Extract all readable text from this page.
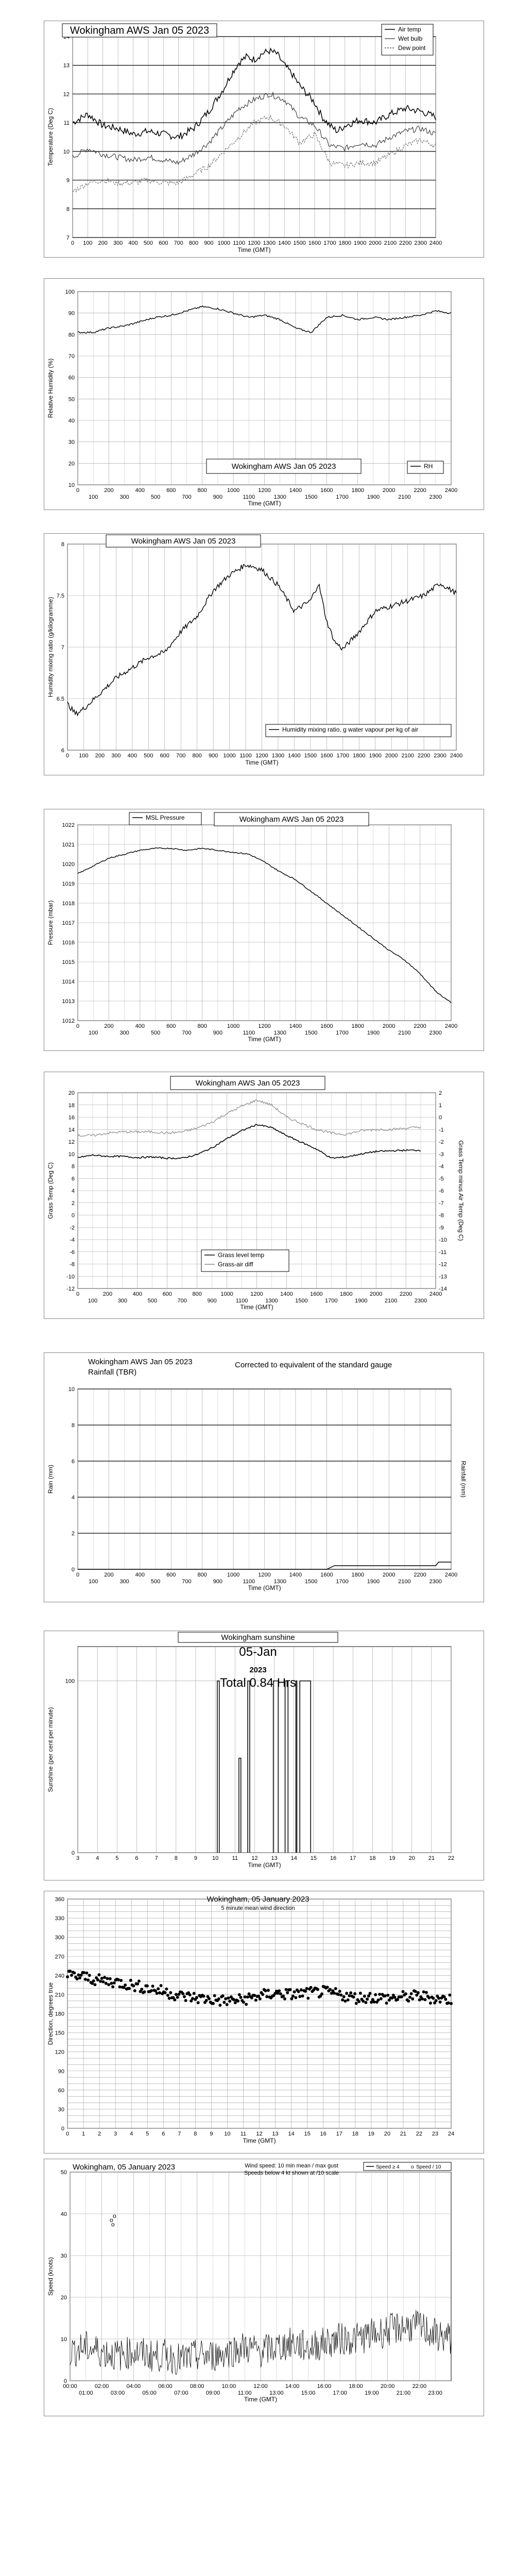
0 100 200 300 400 500 600 700 800 900 1000 1100 1200 1300 1400 1500 1600 1700 1800 1900 2000 2100 2200 2300 2400
7
8
9
10
11
12
13
Time (GMT)
Temperature (Deg C)
Wokingham AWS Jan 05 2023	Air temp
Wet bulb
Dew point
0	200	400	600	800	1000	1200	1400	1600	1800	2000	2200	2400
100	300	500	700	900	1100	1300	1500	1700	1900	2100	2300
10
20
30
40
50
60
70
80
90
100
Time (GMT)
Relative Humidity (%)
Wokingham AWS Jan 05 2023	RH
0 100 200 300 400 500 600 700 800 900 1000 1100 1200 1300 1400 1500 1600 1700 1800 1900 2000 2100 2200 2300 2400
6
6.5
7
7.5
8
Time (GMT)
Humidity mixing ratio (g/kilogramme)
Wokingham AWS Jan 05 2023
Humidity mixing ratio, g water vapour per kg of air
0	200	400	600	800	1000	1200	1400	1600	1800	2000	2200	2400
100	300	500	700	900	1100	1300	1500	1700	1900	2100	2300
1012
1013
1014
1015
1016
1017
1018
1019
1020
1021
1022
Time (GMT)
Pressure (mbar)
Wokingham AWS Jan 05 2023
MSL Pressure
0	200	400	600	800	1000	1200	1400	1600	1800	2000	2200	2400
100	300	500	700	900	1100	1300	1500	1700	1900	2100	2300
-12
-10
-8
-6
-4
-2
0
2
4
6
8
10
12
14
16
18
20
-14
-13
-12
-11
-10
-9
-8
-7
-6
-5
-4
-3
-2
-1
0
1
2
Time (GMT)
Grass Temp (Deg C)	Grass Temp minus Air Temp (Deg C)
Wokingham AWS Jan 05 2023
Grass level temp
Grass-air diff
0	200	400	600	800	1000	1200	1400	1600	1800	2000	2200	2400
100	300	500	700	900	1100	1300	1500	1700	1900	2100	2300
0
2
4
6
8
10
Time (GMT)
Rain (mm)	Rainfall (mm)
Wokingham AWS Jan 05 2023
Rainfall (TBR)
Corrected to equivalent of the standard gauge
3	4	5	6	7	8	9	10 11 12 13 14 15 16 17 18 19 20 21 22
0
100
Time (GMT)
Sunshine (per cent per minute)
Wokingham sunshine
05-Jan
2023
Total 0.84 Hrs
0 1 2 3 4 5 6 7 8 9 10 11 12 13 14 15 16 17 18 19 20 21 22 23 24
0
30
60
90
120
150
180
210
240
270
300
330
360
Time (GMT)
Direction, degrees true
Wokingham, 05 January 2023
5 minute mean wind direction
00:00	02:00	04:00	06:00	08:00	10:00	12:00	14:00	16:00	18:00	20:00	22:00
01:00	03:00	05:00	07:00	09:00	11:00	13:00	15:00	17:00	19:00	21:00	23:00
0
10
20
30
40
50
Time (GMT)
Speed (knots)
o
o
o
Wokingham, 05 January 2023	Wind speed: 10 min mean / max gust
Speeds below 4 kt shown at /10 scale
Speed ≥ 4 o Speed / 10
